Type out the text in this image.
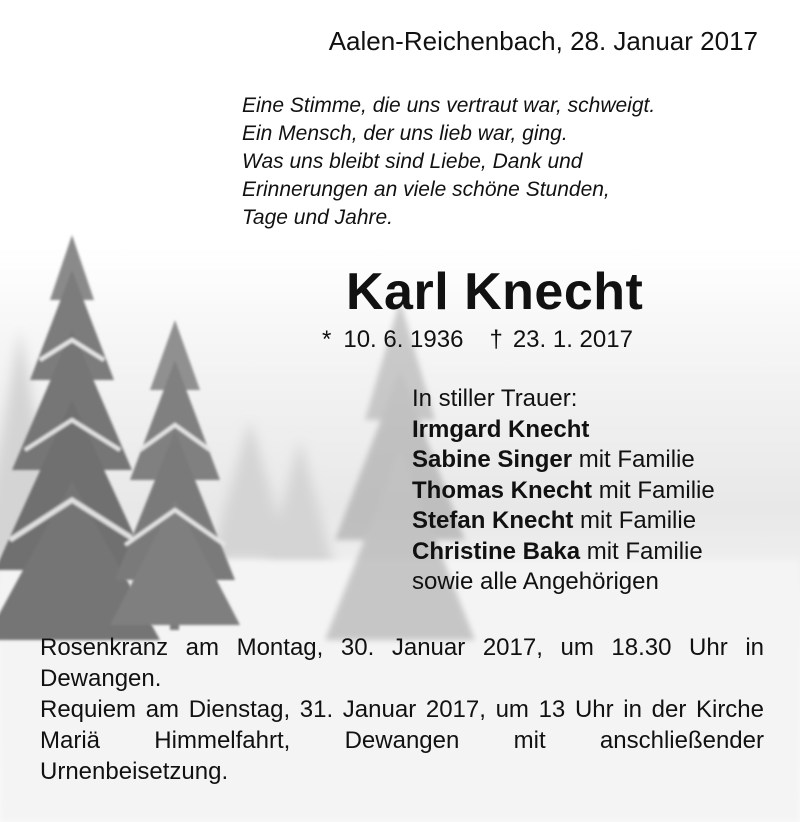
Aalen-Reichenbach, 28. Januar 2017
Eine Stimme, die uns vertraut war, schweigt.
Ein Mensch, der uns lieb war, ging.
Was uns bleibt sind Liebe, Dank und
Erinnerungen an viele schöne Stunden,
Tage und Jahre.
Karl Knecht
* 10. 6. 1936 † 23. 1. 2017
In stiller Trauer:
Irmgard Knecht
Sabine Singer mit Familie
Thomas Knecht mit Familie
Stefan Knecht mit Familie
Christine Baka mit Familie
sowie alle Angehörigen

Rosenkranz am Montag, 30. Januar 2017, um 18.30 Uhr in Dewangen.

Requiem am Dienstag, 31. Januar 2017, um 13 Uhr in der Kirche Mariä Himmelfahrt, Dewangen mit anschließender Urnenbeisetzung.
